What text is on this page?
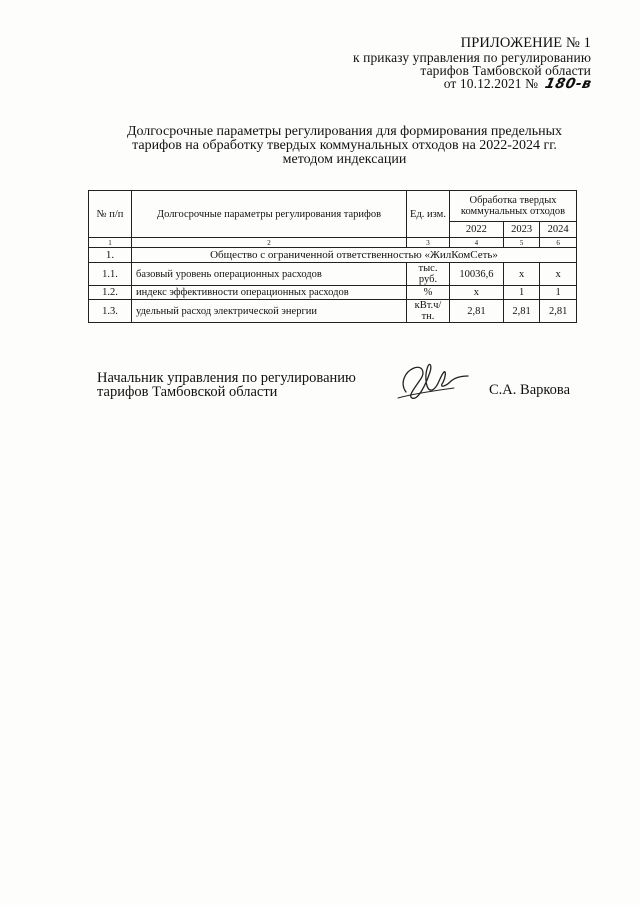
ПРИЛОЖЕНИЕ № 1
к приказу управления по регулированию
тарифов Тамбовской области
от 10.12.2021 № 180-в
Долгосрочные параметры регулирования для формирования предельных
тарифов на обработку твердых коммунальных отходов на 2022-2024 гг.
методом индексации
№ п/п	Долгосрочные параметры регулирования тарифов	Ед. изм.	Обработка твердых коммунальных отходов		
			2022	2023	2024
1	2	3	4	5	6
1.	Общество с ограниченной ответственностью «ЖилКомСеть»				
1.1.	базовый уровень операционных расходов	тыс. руб.	10036,6	х	х
1.2.	индекс эффективности операционных расходов	%	х	1	1
1.3.	удельный расход электрической энергии	кВт.ч/ тн.	2,81	2,81	2,81
Начальник управления по регулированию
тарифов Тамбовской области	С.А. Варкова
